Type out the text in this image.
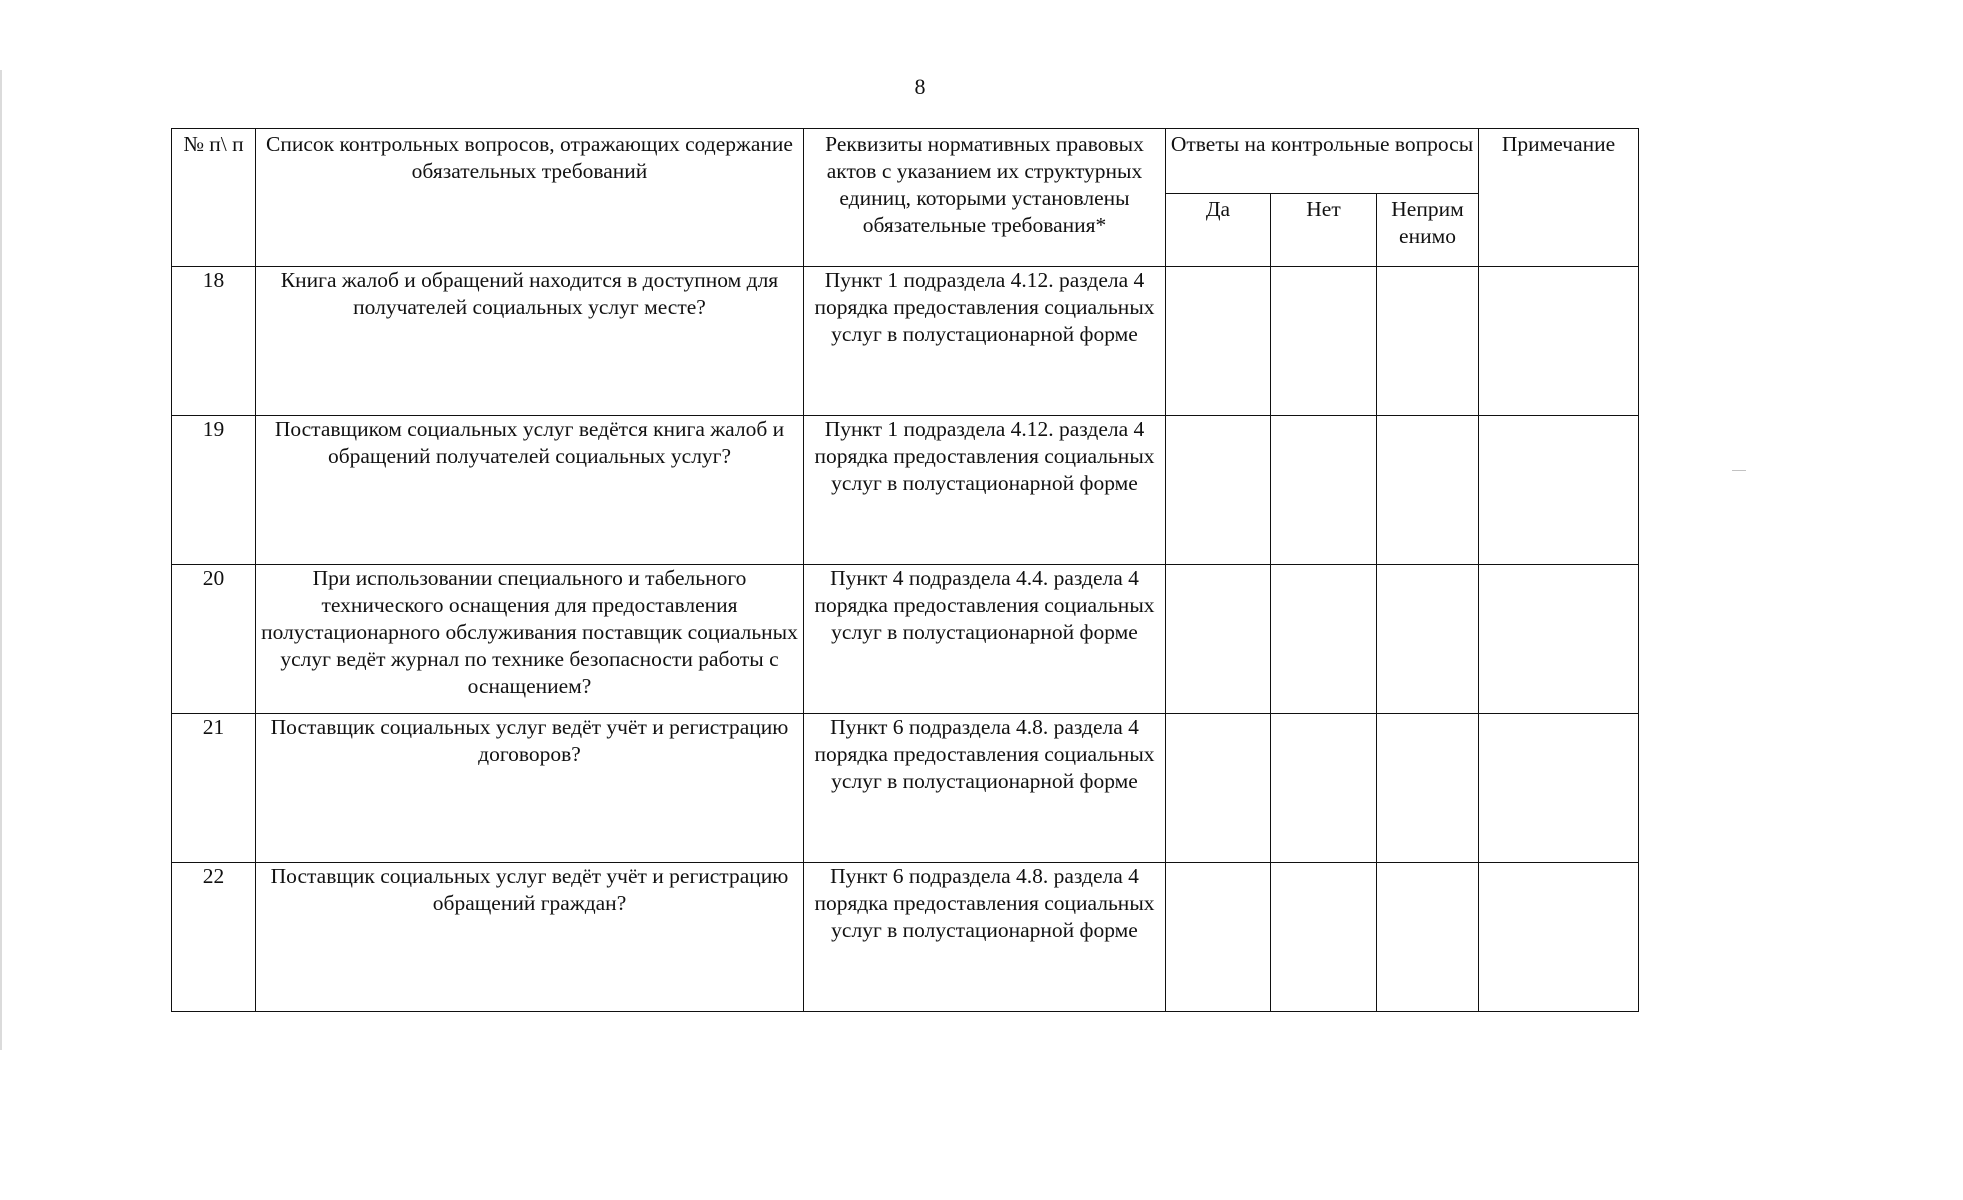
8
№ п\ п	Список контрольных вопросов, отражающих содержание обязательных требований	Реквизиты нормативных правовых актов с указанием их структурных единиц, которыми установлены обязательные требования*	Ответы на контрольные вопросы			Примечание
			Да	Нет	Неприм енимо	
18	Книга жалоб и обращений находится в доступном для получателей социальных услуг месте?	Пункт 1 подраздела 4.12. раздела 4 порядка предоставления социальных услуг в полустационарной форме				
19	Поставщиком социальных услуг ведётся книга жалоб и обращений получателей социальных услуг?	Пункт 1 подраздела 4.12. раздела 4 порядка предоставления социальных услуг в полустационарной форме				
20	При использовании специального и табельного технического оснащения для предоставления полустационарного обслуживания поставщик социальных услуг ведёт журнал по технике безопасности работы с оснащением?	Пункт 4 подраздела 4.4. раздела 4 порядка предоставления социальных услуг в полустационарной форме				
21	Поставщик социальных услуг ведёт учёт и регистрацию договоров?	Пункт 6 подраздела 4.8. раздела 4 порядка предоставления социальных услуг в полустационарной форме				
22	Поставщик социальных услуг ведёт учёт и регистрацию обращений граждан?	Пункт 6 подраздела 4.8. раздела 4 порядка предоставления социальных услуг в полустационарной форме				
